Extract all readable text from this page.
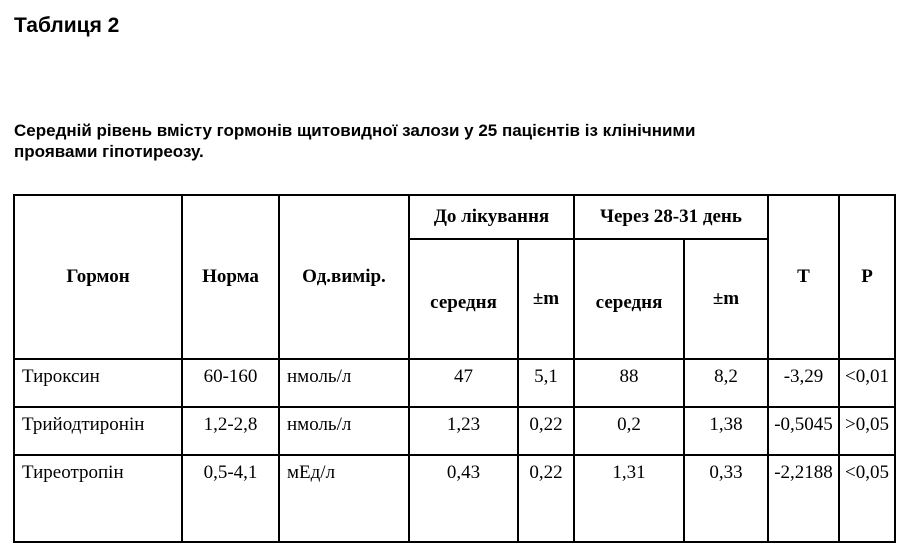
Таблиця 2
Середній рівень вмісту гормонів щитовидної залози у 25 пацієнтів із клінічними
проявами гіпотиреозу.
Гормон	Норма	Од.вимір.	До лікування		Через 28-31 день		T	P
			середня	±m	середня	±m		
Тироксин	60-160	нмоль/л	47	5,1	88	8,2	-3,29	<0,01
Трийодтиронін	1,2-2,8	нмоль/л	1,23	0,22	0,2	1,38	-0,5045	>0,05
Тиреотропін	0,5-4,1	мЕд/л	0,43	0,22	1,31	0,33	-2,2188	<0,05
